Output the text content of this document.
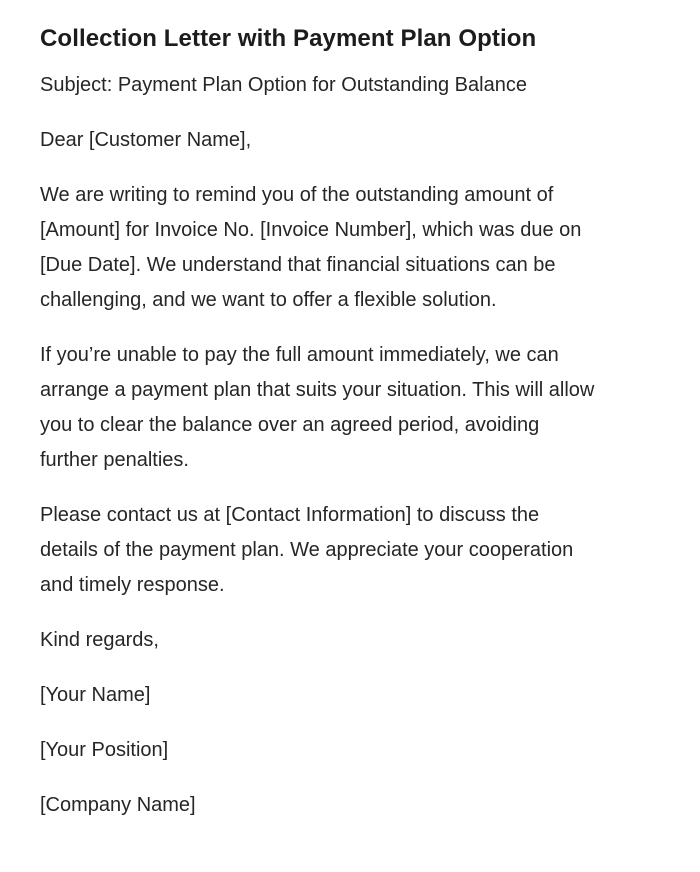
Collection Letter with Payment Plan Option

Subject: Payment Plan Option for Outstanding Balance

Dear [Customer Name],

We are writing to remind you of the outstanding amount of [Amount] for Invoice No. [Invoice Number], which was due on [Due Date]. We understand that financial situations can be challenging, and we want to offer a flexible solution.

If you’re unable to pay the full amount immediately, we can arrange a payment plan that suits your situation. This will allow you to clear the balance over an agreed period, avoiding further penalties.

Please contact us at [Contact Information] to discuss the details of the payment plan. We appreciate your cooperation and timely response.

Kind regards,

[Your Name]

[Your Position]

[Company Name]
